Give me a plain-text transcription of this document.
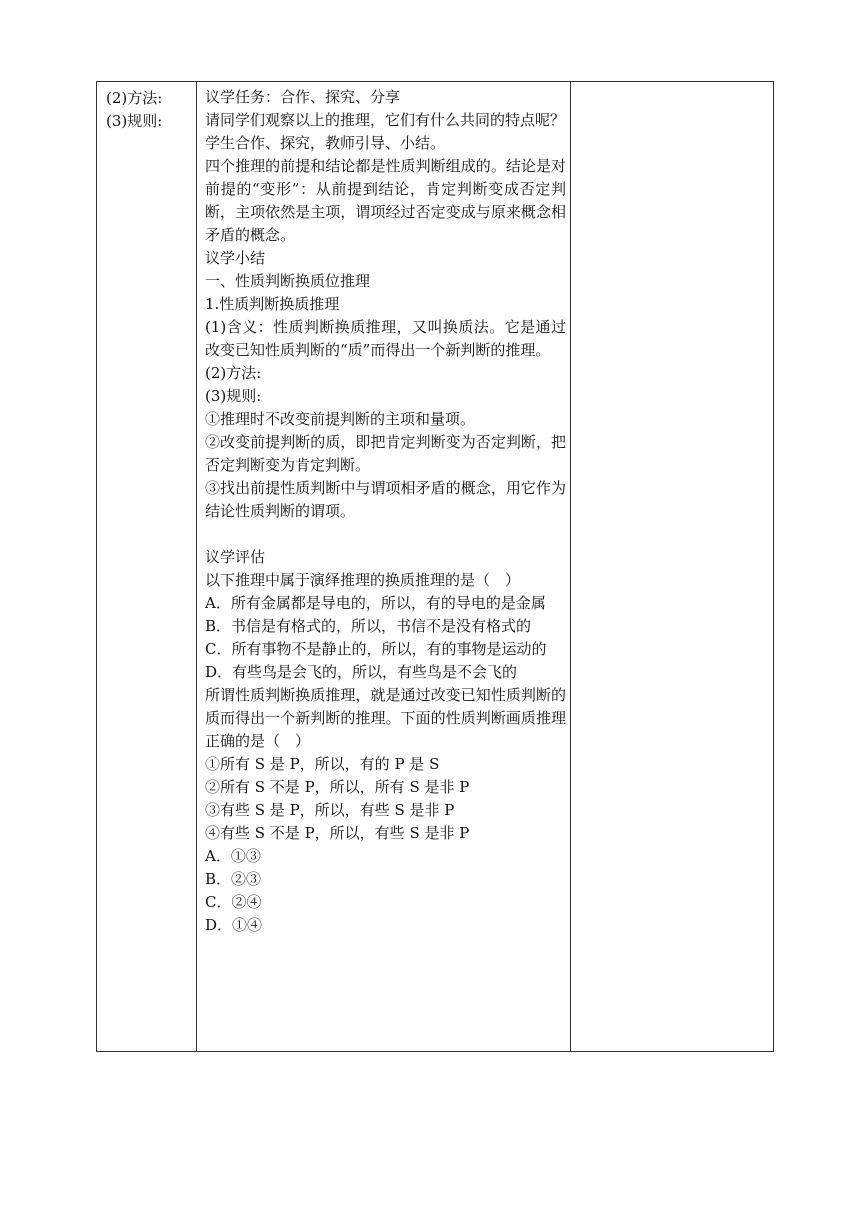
(2)方法:
(3)规则:

议学任务：合作、探究、分享

请同学们观察以上的推理，它们有什么共同的特点呢？

学生合作、探究，教师引导、小结。

四个推理的前提和结论都是性质判断组成的。结论是对前提的“变形”：从前提到结论，肯定判断变成否定判断，主项依然是主项，谓项经过否定变成与原来概念相矛盾的概念。

议学小结

一、性质判断换质位推理

1.性质判断换质推理

(1)含义：性质判断换质推理，又叫换质法。它是通过改变已知性质判断的“质”而得出一个新判断的推理。

(2)方法:

(3)规则:

①推理时不改变前提判断的主项和量项。

②改变前提判断的质，即把肯定判断变为否定判断，把否定判断变为肯定判断。

③找出前提性质判断中与谓项相矛盾的概念，用它作为结论性质判断的谓项。

议学评估

以下推理中属于演绎推理的换质推理的是（　）

A．所有金属都是导电的，所以，有的导电的是金属

B．书信是有格式的，所以，书信不是没有格式的

C．所有事物不是静止的，所以，有的事物是运动的

D．有些鸟是会飞的，所以，有些鸟是不会飞的

所谓性质判断换质推理，就是通过改变已知性质判断的质而得出一个新判断的推理。下面的性质判断画质推理正确的是（　）

①所有 S 是 P，所以，有的 P 是 S

②所有 S 不是 P，所以，所有 S 是非 P

③有些 S 是 P，所以，有些 S 是非 P

④有些 S 不是 P，所以，有些 S 是非 P

A．①③

B．②③

C．②④

D．①④
